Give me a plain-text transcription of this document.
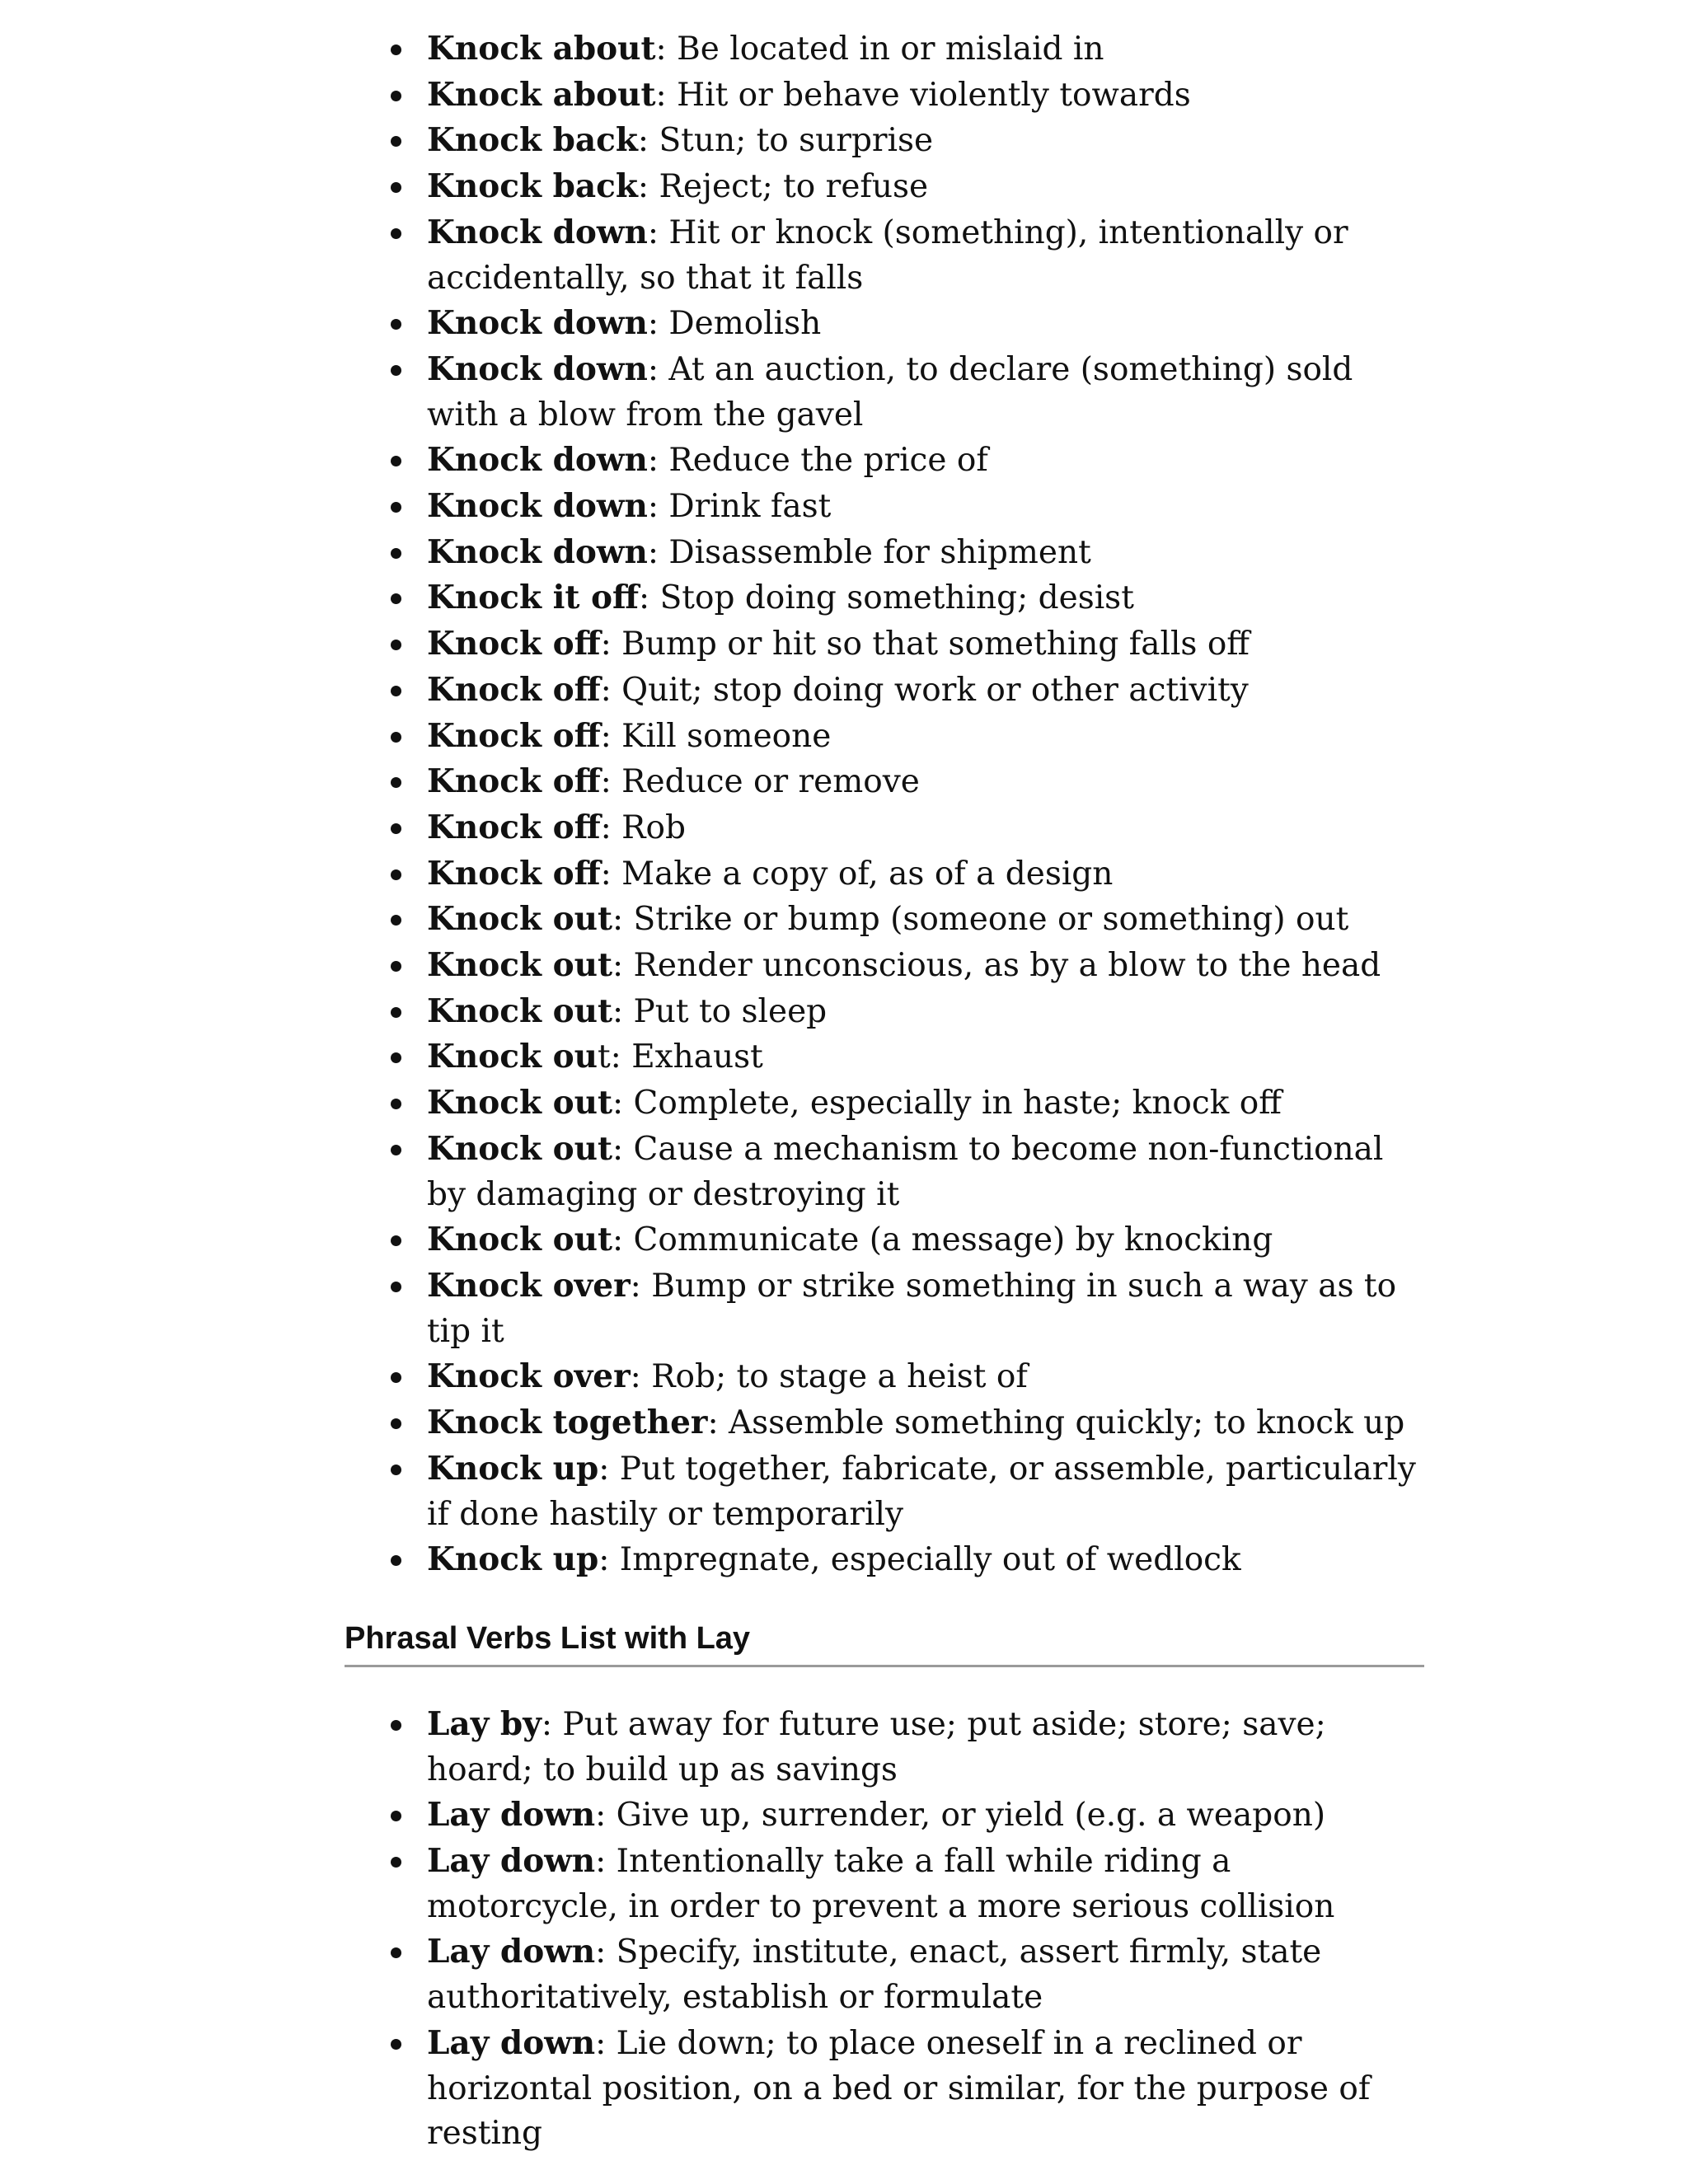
Knock about: Be located in or mislaid in
Knock about: Hit or behave violently towards
Knock back: Stun; to surprise
Knock back: Reject; to refuse
Knock down: Hit or knock (something), intentionally or accidentally, so that it falls
Knock down: Demolish
Knock down: At an auction, to declare (something) sold with a blow from the gavel
Knock down: Reduce the price of
Knock down: Drink fast
Knock down: Disassemble for shipment
Knock it off: Stop doing something; desist
Knock off: Bump or hit so that something falls off
Knock off: Quit; stop doing work or other activity
Knock off: Kill someone
Knock off: Reduce or remove
Knock off: Rob
Knock off: Make a copy of, as of a design
Knock out: Strike or bump (someone or something) out
Knock out: Render unconscious, as by a blow to the head
Knock out: Put to sleep
Knock out: Exhaust
Knock out: Complete, especially in haste; knock off
Knock out: Cause a mechanism to become non-functional by damaging or destroying it
Knock out: Communicate (a message) by knocking
Knock over: Bump or strike something in such a way as to tip it
Knock over: Rob; to stage a heist of
Knock together: Assemble something quickly; to knock up
Knock up: Put together, fabricate, or assemble, particularly if done hastily or temporarily
Knock up: Impregnate, especially out of wedlock
Phrasal Verbs List with Lay
Lay by: Put away for future use; put aside; store; save; hoard; to build up as savings
Lay down: Give up, surrender, or yield (e.g. a weapon)
Lay down: Intentionally take a fall while riding a motorcycle, in order to prevent a more serious collision
Lay down: Specify, institute, enact, assert firmly, state authoritatively, establish or formulate
Lay down: Lie down; to place oneself in a reclined or horizontal position, on a bed or similar, for the purpose of resting
